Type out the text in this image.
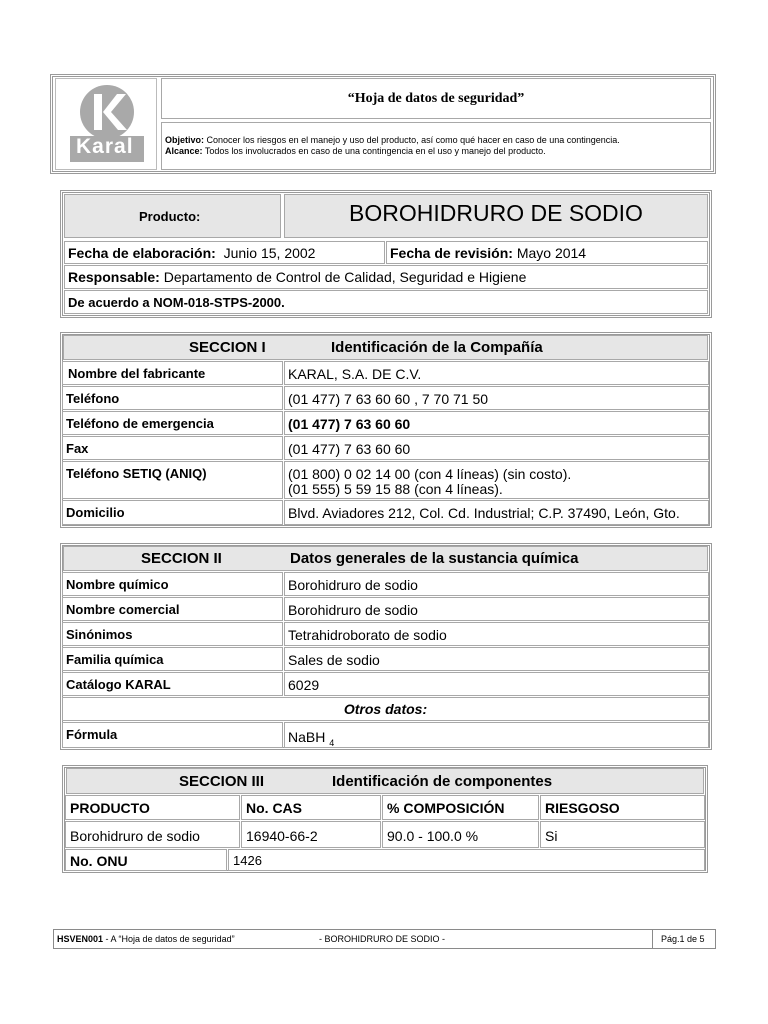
Karal
“Hoja de datos de seguridad”
Objetivo: Conocer los riesgos en el manejo y uso del producto, así como qué hacer en caso de una contingencia.
Alcance: Todos los involucrados en caso de una contingencia en el uso y manejo del producto.
Producto:	BOROHIDRURO DE SODIO
Fecha de elaboración: Junio 15, 2002	Fecha de revisión: Mayo 2014
Responsable: Departamento de Control de Calidad, Seguridad e Higiene
De acuerdo a NOM-018-STPS-2000.
SECCION I	Identificación de la Compañía
Nombre del fabricante	KARAL, S.A. DE C.V.
Teléfono	(01 477) 7 63 60 60 , 7 70 71 50
Teléfono de emergencia	(01 477) 7 63 60 60
Fax	(01 477) 7 63 60 60
Teléfono SETIQ (ANIQ)	(01 800) 0 02 14 00 (con 4 líneas) (sin costo).
(01 555) 5 59 15 88 (con 4 líneas).
Domicilio	Blvd. Aviadores 212, Col. Cd. Industrial; C.P. 37490, León, Gto.
SECCION II	Datos generales de la sustancia química
Nombre químico	Borohidruro de sodio
Nombre comercial	Borohidruro de sodio
Sinónimos	Tetrahidroborato de sodio
Familia química	Sales de sodio
Catálogo KARAL	6029
Otros datos:
Fórmula	NaBH $_4$
SECCION III	Identificación de componentes
PRODUCTO	No. CAS	% COMPOSICIÓN	RIESGOSO
Borohidruro de sodio	16940-66-2	90.0 - 100.0 %	Si
No. ONU	1426
HSVEN001 - A “Hoja de datos de seguridad”	- BOROHIDRURO DE SODIO -	Pág.1 de 5
